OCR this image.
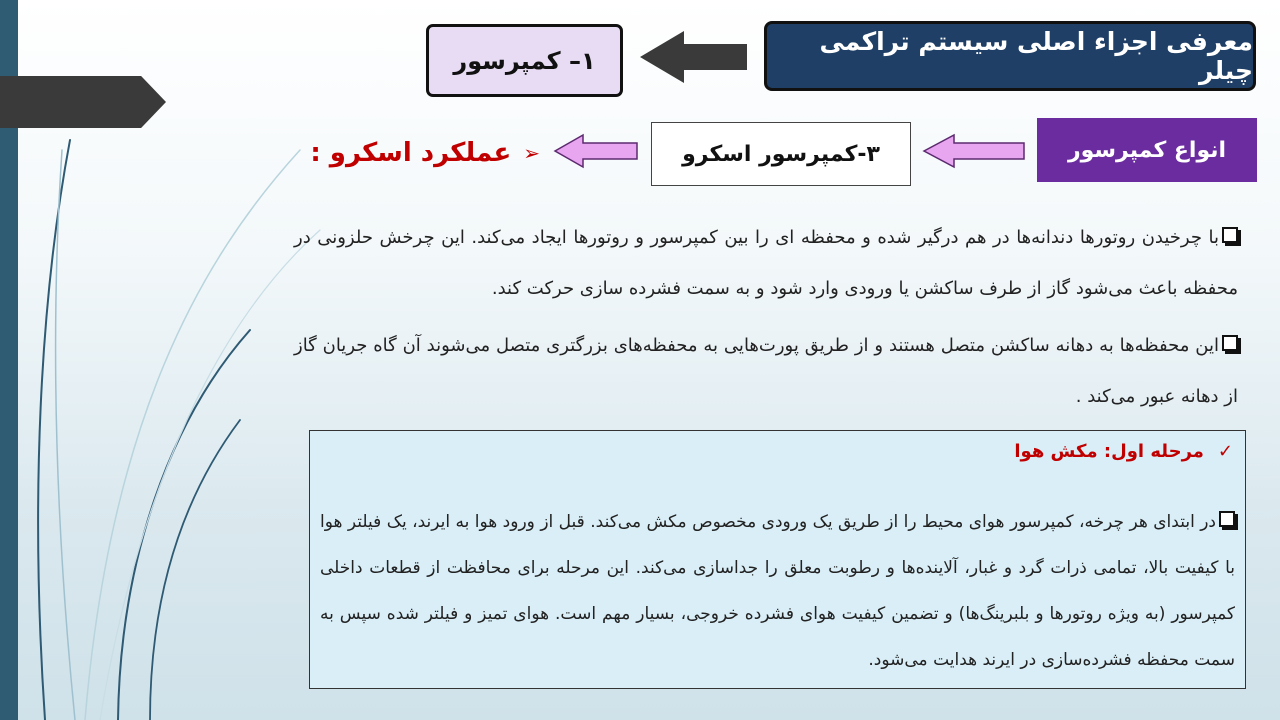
معرفی اجزاء اصلی سیستم تراکمی چیلر
۱– کمپرسور
انواع کمپرسور
۳-کمپرسور اسکرو
➢
عملکرد اسکرو :

با چرخیدن روتورها دندانه‌ها در هم درگیر شده و محفظه ای را بین کمپرسور و روتورها ایجاد می‌کند. این چرخش حلزونی در محفظه باعث می‌شود گاز از طرف ساکشن یا ورودی وارد شود و به سمت فشرده سازی حرکت کند.

این محفظه‌ها به دهانه ساکشن متصل هستند و از طریق پورت‌هایی به محفظه‌های بزرگتری متصل می‌شوند آن گاه جریان گاز از دهانه عبور می‌کند .

✓
مرحله اول: مکش هوا

در ابتدای هر چرخه، کمپرسور هوای محیط را از طریق یک ورودی مخصوص مکش می‌کند. قبل از ورود هوا به ایرند، یک فیلتر هوا با کیفیت بالا، تمامی ذرات گرد و غبار، آلاینده‌ها و رطوبت معلق را جداسازی می‌کند. این مرحله برای محافظت از قطعات داخلی کمپرسور (به ویژه روتورها و بلبرینگ‌ها) و تضمین کیفیت هوای فشرده خروجی، بسیار مهم است. هوای تمیز و فیلتر شده سپس به سمت محفظه فشرده‌سازی در ایرند هدایت می‌شود.
